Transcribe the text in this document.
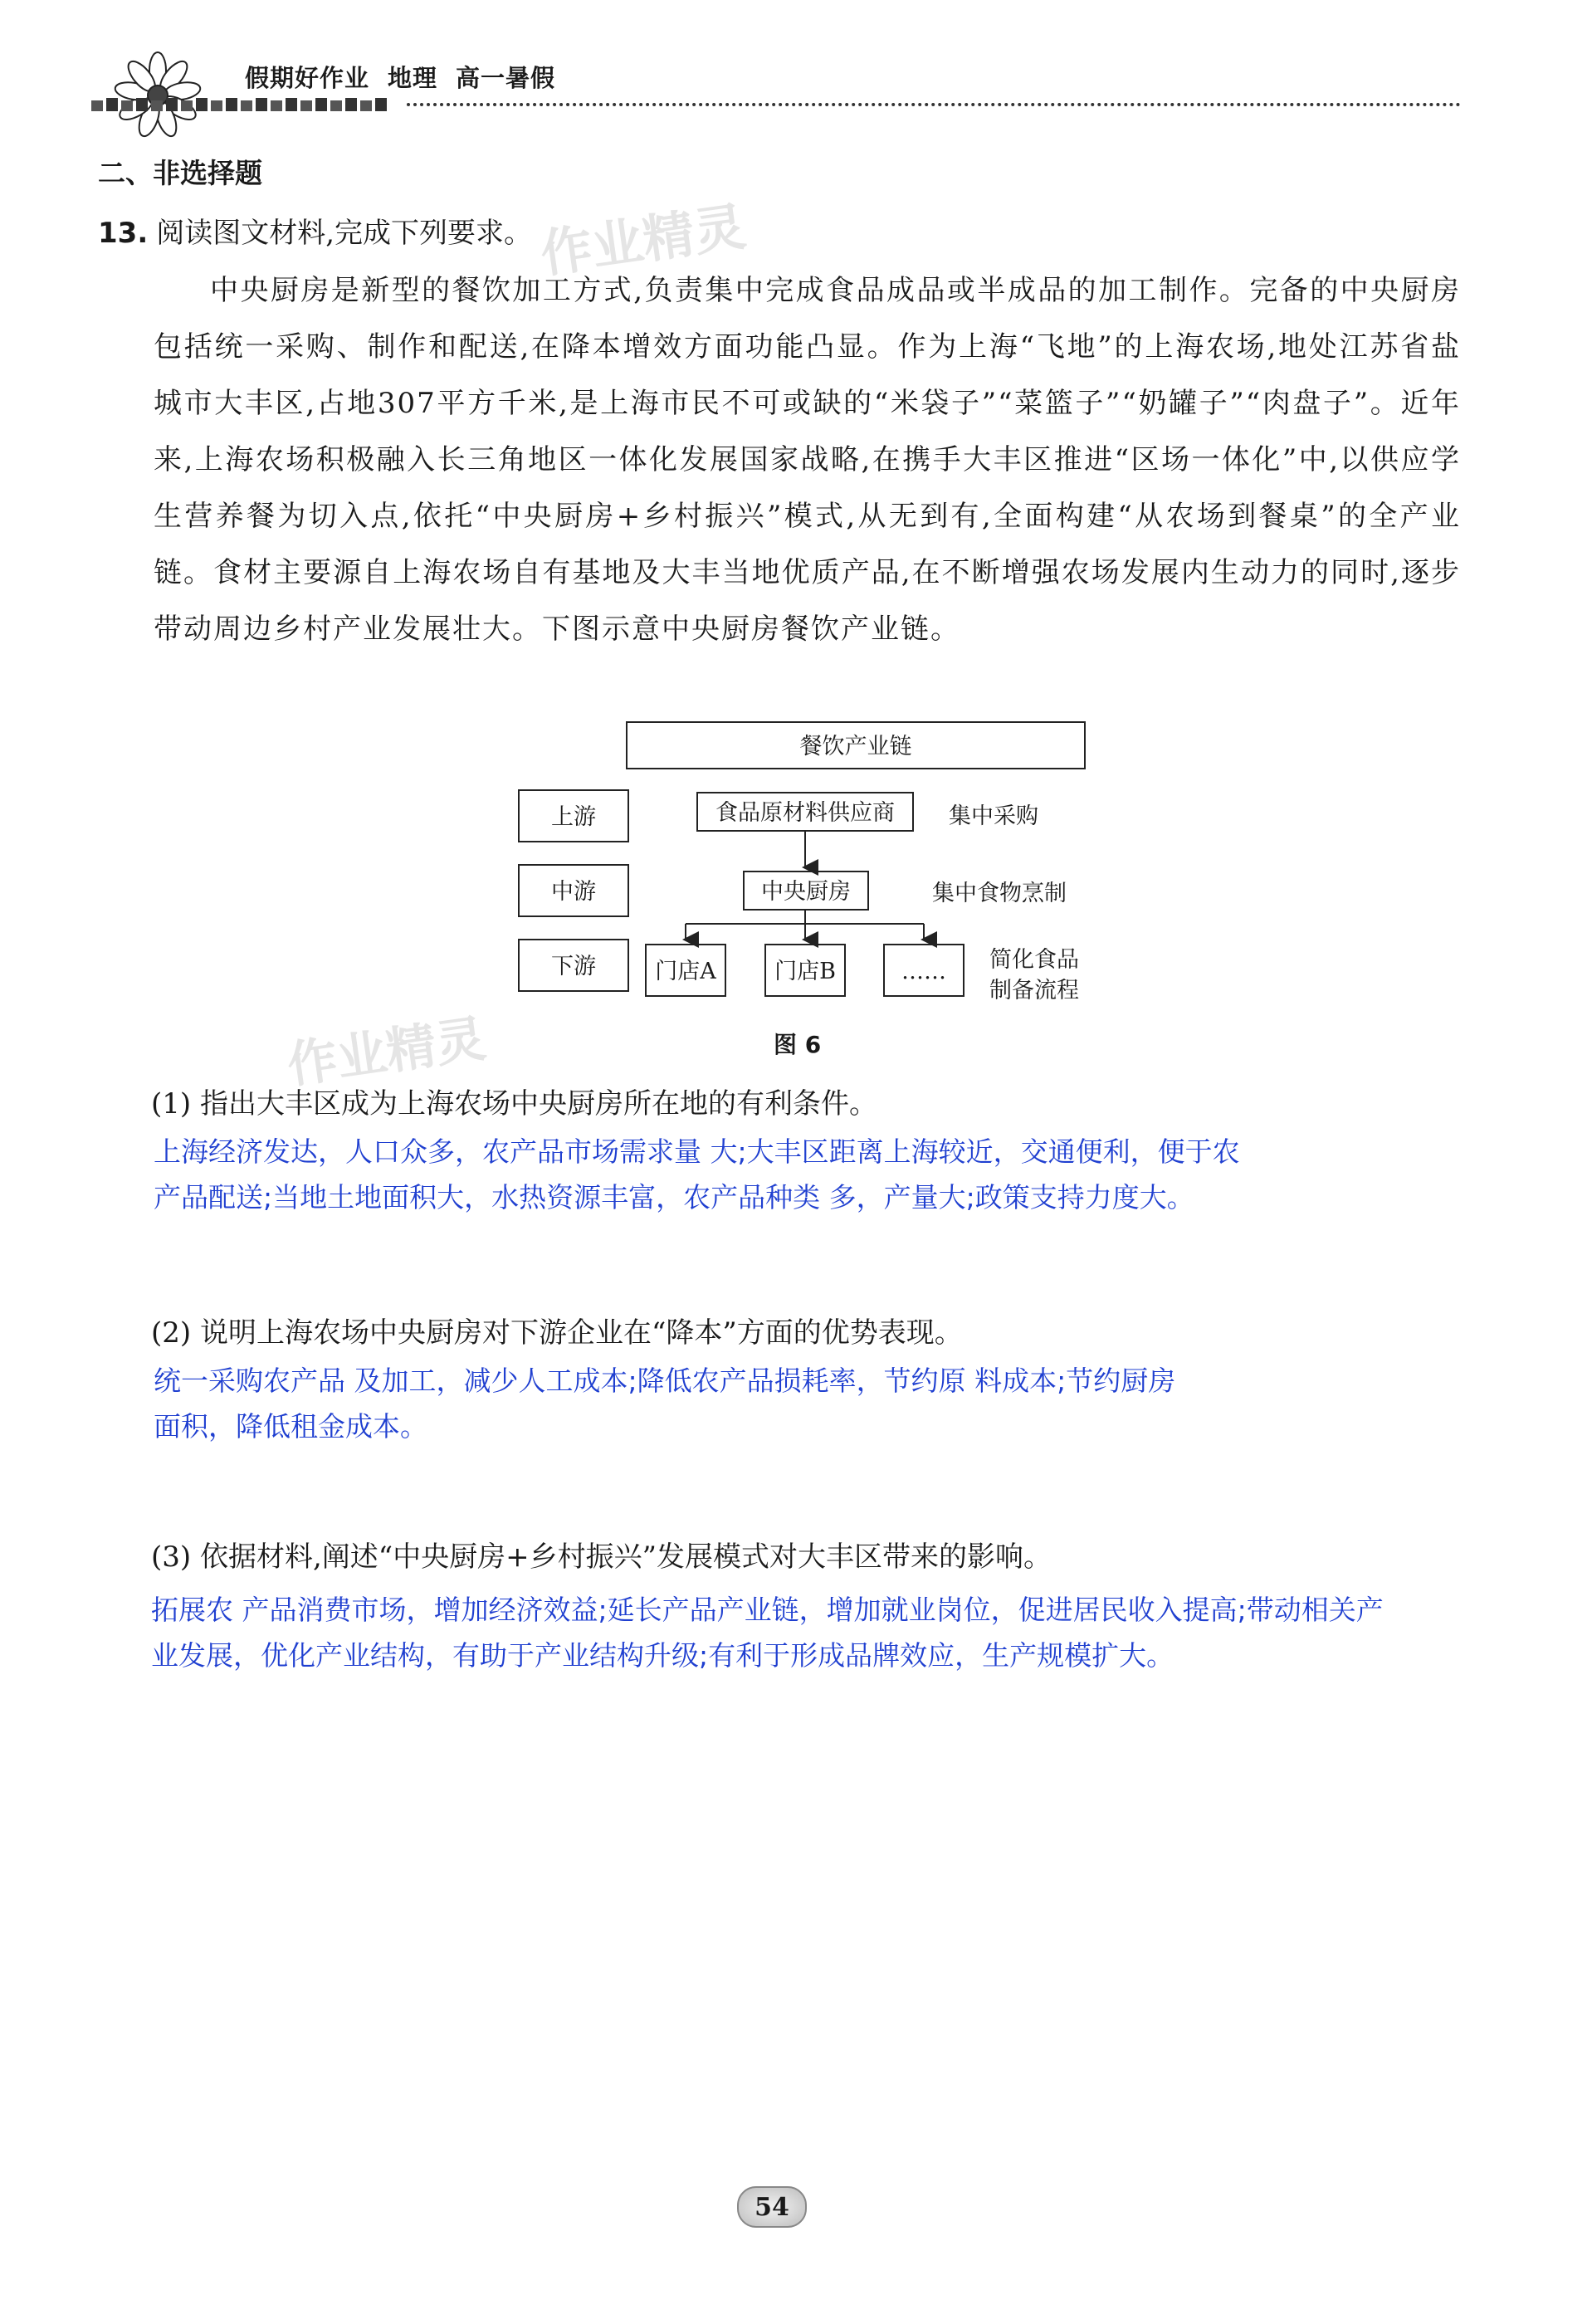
假期好作业 地理 高一暑假
二、非选择题
13. 阅读图文材料,完成下列要求。

中央厨房是新型的餐饮加工方式,负责集中完成食品成品或半成品的加工制作。完备的中央厨房包括统一采购、制作和配送,在降本增效方面功能凸显。作为上海“飞地”的上海农场,地处江苏省盐城市大丰区,占地307平方千米,是上海市民不可或缺的“米袋子”“菜篮子”“奶罐子”“肉盘子”。近年来,上海农场积极融入长三角地区一体化发展国家战略,在携手大丰区推进“区场一体化”中,以供应学生营养餐为切入点,依托“中央厨房+乡村振兴”模式,从无到有,全面构建“从农场到餐桌”的全产业链。食材主要源自上海农场自有基地及大丰当地优质产品,在不断增强农场发展内生动力的同时,逐步带动周边乡村产业发展壮大。下图示意中央厨房餐饮产业链。

餐饮产业链
上游
中游
下游
食品原材料供应商
中央厨房
门店A	门店B	……
集中采购
集中食物烹制
简化食品
制备流程
图 6
(1) 指出大丰区成为上海农场中央厨房所在地的有利条件。

上海经济发达，人口众多，农产品市场需求量 大;大丰区距离上海较近，交通便利，便于农

产品配送;当地土地面积大，水热资源丰富，农产品种类 多，产量大;政策支持力度大。

(2) 说明上海农场中央厨房对下游企业在“降本”方面的优势表现。

统一采购农产品 及加工，减少人工成本;降低农产品损耗率，节约原 料成本;节约厨房

面积，降低租金成本。

(3) 依据材料,阐述“中央厨房+乡村振兴”发展模式对大丰区带来的影响。

拓展农 产品消费市场，增加经济效益;延长产品产业链，增加就业岗位，促进居民收入提高;带动相关产

业发展，优化产业结构，有助于产业结构升级;有利于形成品牌效应，生产规模扩大。

作业精灵
作业精灵
54
